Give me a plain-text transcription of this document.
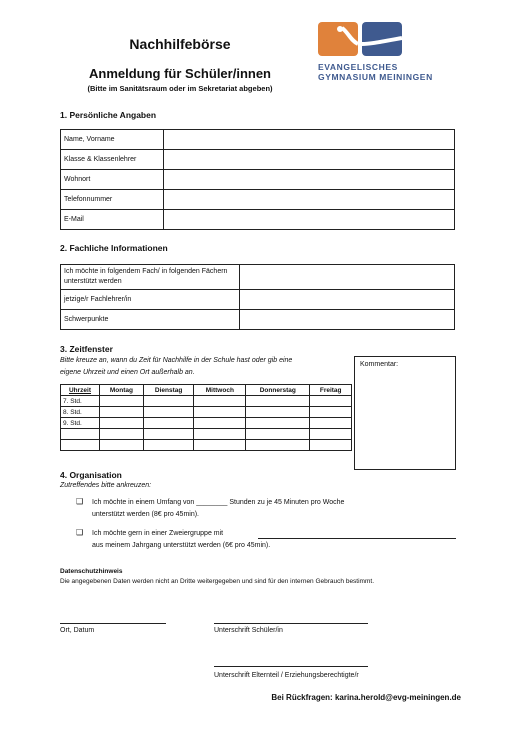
Nachhilfebörse
Anmeldung für Schüler/innen
(Bitte im Sanitätsraum oder im Sekretariat abgeben)
EVANGELISCHES
GYMNASIUM MEININGEN
1. Persönliche Angaben
Name, Vorname	
Klasse & Klassenlehrer	
Wohnort	
Telefonnummer	
E-Mail	
2. Fachliche Informationen
Ich möchte in folgendem Fach/ in folgenden Fächern unterstützt werden	
jetzige/r Fachlehrer/in	
Schwerpunkte	
3. Zeitfenster
Bitte kreuze an, wann du Zeit für Nachhilfe in der Schule hast oder gib eine
eigene Uhrzeit und einen Ort außerhalb an.
Uhrzeit	Montag	Dienstag	Mittwoch	Donnerstag	Freitag
7. Std.					
8. Std.					
9. Std.					

Kommentar:
4. Organisation
Zutreffendes bitte ankreuzen:
❑ Ich möchte in einem Umfang von ________ Stunden zu je 45 Minuten pro Woche
unterstützt werden (8€ pro 45min).
❑ Ich möchte gern in einer Zweiergruppe mit
aus meinem Jahrgang unterstützt werden (6€ pro 45min).
Datenschutzhinweis
Die angegebenen Daten werden nicht an Dritte weitergegeben und sind für den internen Gebrauch bestimmt.
Ort, Datum	Unterschrift Schüler/in
Unterschrift Elternteil / Erziehungsberechtigte/r
Bei Rückfragen: karina.herold@evg-meiningen.de
